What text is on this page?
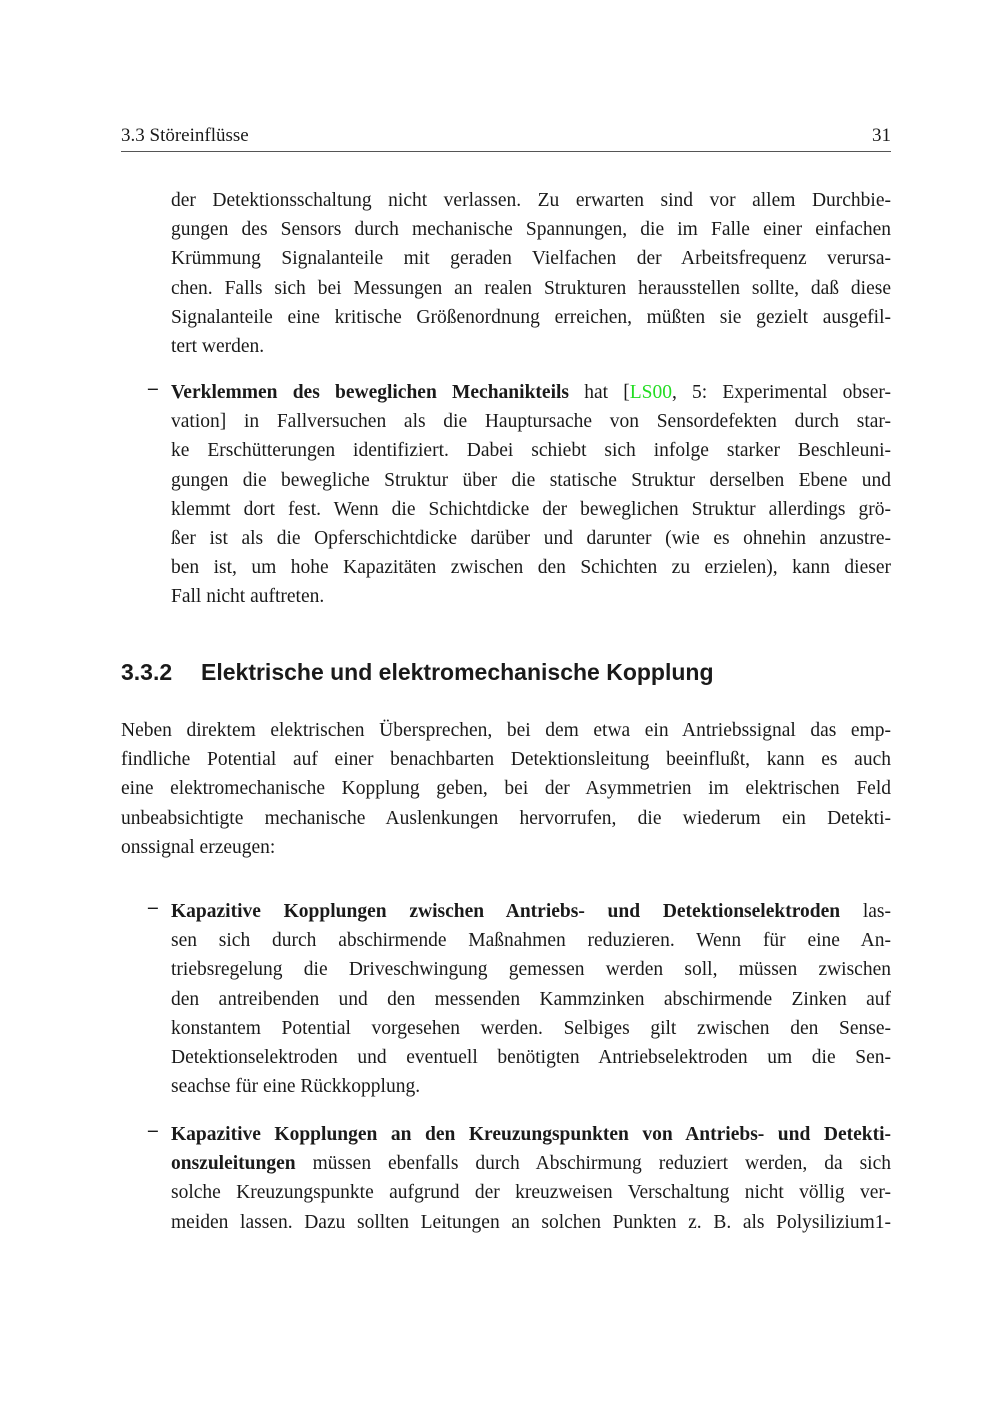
3.3 Störeinflüsse	31
der Detektionsschaltung nicht verlassen. Zu erwarten sind vor allem Durchbie-
gungen des Sensors durch mechanische Spannungen, die im Falle einer einfachen
Krümmung Signalanteile mit geraden Vielfachen der Arbeitsfrequenz verursa-
chen. Falls sich bei Messungen an realen Strukturen herausstellen sollte, daß diese
Signalanteile eine kritische Größenordnung erreichen, müßten sie gezielt ausgefil-
tert werden.
– Verklemmen des beweglichen Mechanikteils hat [LS00, 5: Experimental obser-
vation] in Fallversuchen als die Hauptursache von Sensordefekten durch star-
ke Erschütterungen identifiziert. Dabei schiebt sich infolge starker Beschleuni-
gungen die bewegliche Struktur über die statische Struktur derselben Ebene und
klemmt dort fest. Wenn die Schichtdicke der beweglichen Struktur allerdings grö-
ßer ist als die Opferschichtdicke darüber und darunter (wie es ohnehin anzustre-
ben ist, um hohe Kapazitäten zwischen den Schichten zu erzielen), kann dieser
Fall nicht auftreten.
3.3.2 Elektrische und elektromechanische Kopplung
Neben direktem elektrischen Übersprechen, bei dem etwa ein Antriebssignal das emp-
findliche Potential auf einer benachbarten Detektionsleitung beeinflußt, kann es auch
eine elektromechanische Kopplung geben, bei der Asymmetrien im elektrischen Feld
unbeabsichtigte mechanische Auslenkungen hervorrufen, die wiederum ein Detekti-
onssignal erzeugen:
– Kapazitive Kopplungen zwischen Antriebs- und Detektionselektroden las-
sen sich durch abschirmende Maßnahmen reduzieren. Wenn für eine An-
triebsregelung die Driveschwingung gemessen werden soll, müssen zwischen
den antreibenden und den messenden Kammzinken abschirmende Zinken auf
konstantem Potential vorgesehen werden. Selbiges gilt zwischen den Sense-
Detektionselektroden und eventuell benötigten Antriebselektroden um die Sen-
seachse für eine Rückkopplung.
– Kapazitive Kopplungen an den Kreuzungspunkten von Antriebs- und Detekti-
onszuleitungen müssen ebenfalls durch Abschirmung reduziert werden, da sich
solche Kreuzungspunkte aufgrund der kreuzweisen Verschaltung nicht völlig ver-
meiden lassen. Dazu sollten Leitungen an solchen Punkten z. B. als Polysilizium1-
